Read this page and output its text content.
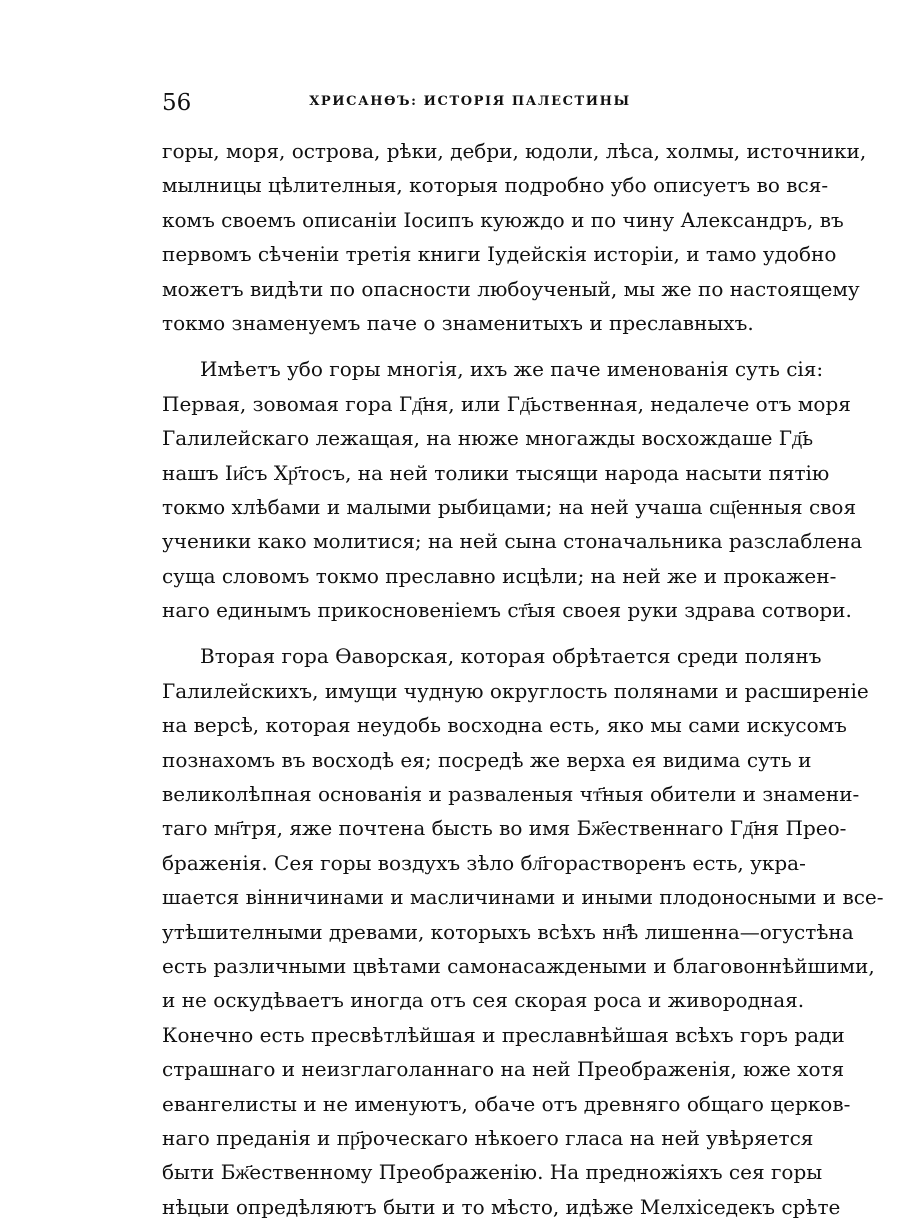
56	ХРИСАНѲЪ: ИСТОРІЯ ПАЛЕСТИНЫ
горы, моря, острова, рѣки, дебри, юдоли, лѣса, холмы, источники,
мылницы цѣлителныя, которыя подробно убо описуетъ во вся-
комъ своемъ описаніи Іосипъ куюждо и по чину Александръ, въ
первомъ сѣченіи третія книги Іудейскія исторіи, и тамо удобно
можетъ видѣти по опасности любоученый, мы же по настоящему
токмо знаменуемъ паче о знаменитыхъ и преславныхъ.
Имѣетъ убо горы многія, ихъ же паче именованія суть сія:
Первая, зовомая гора Гд҃ня, или Гд҃ьственная, недалече отъ моря
Галилейскаго лежащая, на нюже многажды восхождаше Гд҃ь
нашъ Іи҃съ Хр҃тосъ, на ней толики тысящи народа насыти пятію
токмо хлѣбами и малыми рыбицами; на ней учаша сщ҃енныя своя
ученики како молитися; на ней сына стоначальника разслаблена
суща словомъ токмо преславно исцѣли; на ней же и прокажен-
наго единымъ прикосновеніемъ ст҃ыя своея руки здрава сотвори.
Вторая гора Ѳаворская, которая обрѣтается среди полянъ
Галилейскихъ, имущи чудную округлость полянами и расширеніе
на версѣ, которая неудобь восходна есть, яко мы сами искусомъ
познахомъ въ восходѣ ея; посредѣ же верха ея видима суть и
великолѣпная основанія и разваленыя чт҃ныя обители и знамени-
таго мн҃тря, яже почтена бысть во имя Бж҃ественнаго Гд҃ня Прео-
браженія. Сея горы воздухъ зѣло бл҃горастворенъ есть, укра-
шается вінничинами и масличинами и иными плодоносными и все-
утѣшителными древами, которыхъ всѣхъ нн҃ѣ лишенна—огустѣна
есть различными цвѣтами самонасаждеными и благовоннѣйшими,
и не оскудѣваетъ иногда отъ сея скорая роса и живородная.
Конечно есть пресвѣтлѣйшая и преславнѣйшая всѣхъ горъ ради
страшнаго и неизглаголаннаго на ней Преображенія, юже хотя
евангелисты и не именуютъ, обаче отъ древняго общаго церков-
наго преданія и пр҃роческаго нѣкоего гласа на ней увѣряется
быти Бж҃ественному Преображенію. На предножіяхъ сея горы
нѣцыи опредѣляютъ быти и то мѣсто, идѣже Мелхіседекъ срѣте
